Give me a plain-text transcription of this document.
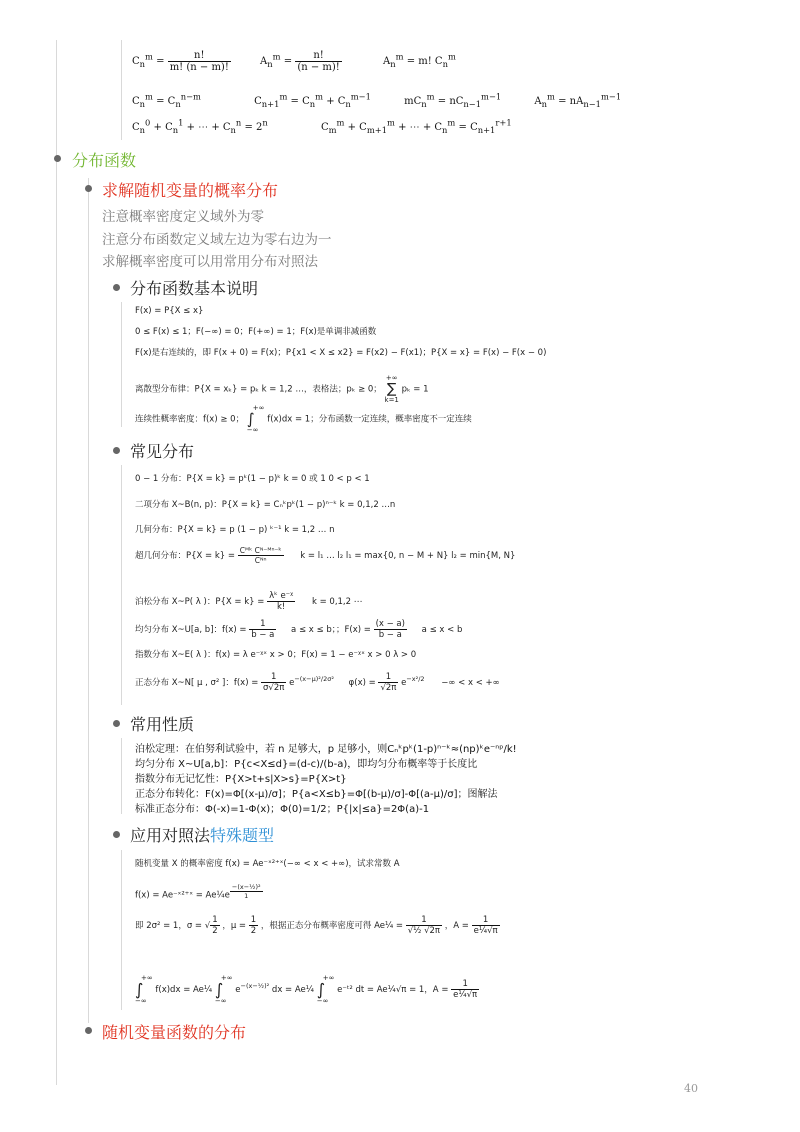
$C_n^m = \frac{n!}{m! (n - m)!}$	$A_n^m = \frac{n!}{(n - m)!}$	$A_n^m = m$! $C_n^m$
$C_n^m = C_n^{n-m}$	$C_{n+1}^m = C_n^m + C_n^{m-1}$	$mC_n^m = nC_{n-1}^{m-1}$	$A_n^m = nA_{n-1}^{m-1}$
$C_n^0 + C_n^1$ + ⋯ + $C_n^n = 2^n$	$C_m^m + C_{m+1}^m$ + ⋯ + $C_n^m = C_{n+1}^{r+1}$
分布函数
求解随机变量的概率分布
注意概率密度定义域外为零
注意分布函数定义域左边为零右边为一
求解概率密度可以用常用分布对照法
分布函数基本说明
F(x) = P{X ≤ x}
0 ≤ F(x) ≤ 1；F(−∞) = 0；F(+∞) = 1；F(x)是单调非减函数
F(x)是右连续的，即 F(x + 0) = F(x)；P{x1 < X ≤ x2} = F(x2) − F(x1)；P{X = x} = F(x) − F(x − 0)
离散型分布律：P{X = xₖ} = pₖ k = 1,2 …，表格法；pₖ ≥ 0；
+∞
∑
k=1
pₖ = 1
连续性概率密度：f(x) ≥ 0；
+∞
∫
−∞
f(x)dx = 1；分布函数一定连续，概率密度不一定连续
常见分布
0 − 1 分布：P{X = k} = pᵏ(1 − p)ᵏ k = 0 或 1 0 < p < 1
二项分布 X~B(n, p)：P{X = k} = Cₙᵏpᵏ(1 − p)ⁿ⁻ᵏ k = 0,1,2 …n
几何分布：P{X = k} = p (1 − p) ᵏ⁻¹ k = 1,2 … n
超几何分布：$P\{X = k\} = \frac{\text{Cᴹᵏ Cᴺ⁻ᴹⁿ⁻ᵏ}}{\text{Cᴺⁿ}}$ k = l₁ … l₂ l₁ = max{0, n − M + N} l₂ = min{M, N}
泊松分布 X~P( λ )：$P\{X = k\} = \frac{\text{λᵏ e⁻ᵡ}}{k!}$ k = 0,1,2 ⋯
均匀分布 X~U[a, b]：$f(x) = \frac{1}{b - a}$ a ≤ x ≤ b；；$F(x) = \frac{(x - a)}{b - a}$ a ≤ x < b
指数分布 X~E( λ )：f(x) = λ e⁻ᵡˣ x > 0；F(x) = 1 − e⁻ᵡˣ x > 0 λ > 0
正态分布 X~N[ μ , σ² ]：$f(x) = \frac{1}{\sigma√2\pi} e^{-(x-\mu)^2/2\sigma^2}$ $\varphi(x) = \frac{1}{√2\pi} e^{-x^2/2}$ −∞ < x < +∞
常用性质
泊松定理：在伯努利试验中，若 n 足够大，p 足够小，则Cₙᵏpᵏ(1-p)ⁿ⁻ᵏ≈(np)ᵏe⁻ⁿᵖ/k!
均匀分布 X~U[a,b]：P{c<X≤d}=(d-c)/(b-a)，即均匀分布概率等于长度比
指数分布无记忆性：P{X>t+s|X>s}=P{X>t}
正态分布转化：F(x)=Φ[(x-μ)/σ]；P{a<X≤b}=Φ[(b-μ)/σ]-Φ[(a-μ)/σ]；图解法
标准正态分布：Φ(-x)=1-Φ(x)；Φ(0)=1/2；P{|x|≤a}=2Φ(a)-1
应用对照法特殊题型
随机变量 X 的概率密度 f(x) = Ae⁻ˣ²⁺ˣ(−∞ < x < +∞)，试求常数 A
f(x) = Ae⁻ˣ²⁺ˣ = Ae¼e $^{\frac{\text{−(x−½)²}}{1}}$
即 2σ² = 1，σ = √ $\frac{1}{2}$ ，$\mu = \frac{1}{2}$ ，根据正态分布概率密度可得 Ae¼ = $\frac{1}{\text{√½ √2π}}$ ，$A = \frac{1}{\text{e¼√π}}$
+∞
∫
−∞
f(x)dx = Ae¼
+∞
∫
−∞
$e^{-(x-\frac{1}{2})^2}$ dx = Ae¼
+∞
∫
−∞
e⁻ᵗ² dt = Ae¼√π = 1，$A = \frac{1}{\text{e¼√π}}$
随机变量函数的分布
40
